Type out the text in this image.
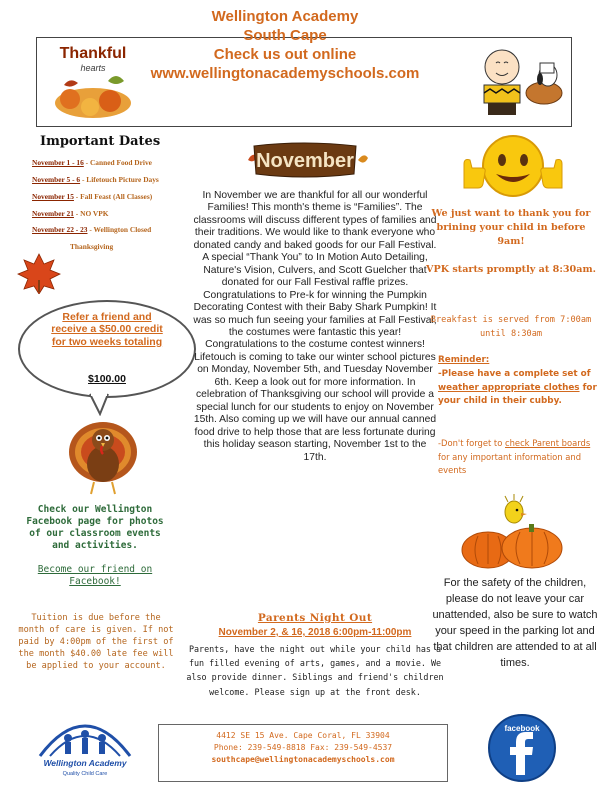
Thankful
hearts
Wellington Academy
South Cape
Check us out online
www.wellingtonacademyschools.com
Important Dates
November 1 - 16 - Canned Food Drive
November 5 - 6 - Lifetouch Picture Days
November 15 - Fall Feast (All Classes)
November 21 - NO VPK
November 22 - 23 - Wellington Closed
Thanksgiving
Refer a friend and receive a $50.00 credit for two weeks totaling
$100.00
Check our Wellington Facebook page for photos of our classroom events and activities.
Become our friend on Facebook!
Tuition is due before the month of care is given. If not paid by 4:00pm of the first of the month $40.00 late fee will be applied to your account.
November
In November we are thankful for all our wonderful Families! This month's theme is “Families”. The classrooms will discuss different types of families and their traditions. We would like to thank everyone who donated candy and baked goods for our Fall Festival. A special “Thank You” to In Motion Auto Detailing, Nature's Vision, Culvers, and Scott Guelcher that donated for our Fall Festival raffle prizes. Congratulations to Pre-k for winning the Pumpkin Decorating Contest with their Baby Shark Pumpkin! It was so much fun seeing your families at Fall Festival, the costumes were fantastic this year! Congratulations to the costume contest winners! Lifetouch is coming to take our winter school pictures on Monday, November 5th, and Tuesday November 6th. Keep a look out for more information. In celebration of Thanksgiving our school will provide a special lunch for our students to enjoy on November 15th. Also coming up we will have our annual canned food drive to help those that are less fortunate during this holiday season starting, November 1st to the 17th.
Parents Night Out
November 2, & 16, 2018 6:00pm-11:00pm
Parents, have the night out while your child has a fun filled evening of arts, games, and a movie. We also provide dinner. Siblings and friend's children welcome. Please sign up at the front desk.
We just want to thank you for brining your child in before 9am!
VPK starts promptly at 8:30am.
Breakfast is served from 7:00am until 8:30am
Reminder:
-Please have a complete set of weather appropriate clothes for your child in their cubby.
-Don't forget to check Parent boards for any important information and events
For the safety of the children, please do not leave your car unattended, also be sure to watch your speed in the parking lot and that children are attended to at all times.
Wellington Academy
Quality Child Care
4412 SE 15 Ave. Cape Coral, FL 33904
Phone: 239-549-8818 Fax: 239-549-4537
southcape@wellingtonacademyschools.com
facebook
